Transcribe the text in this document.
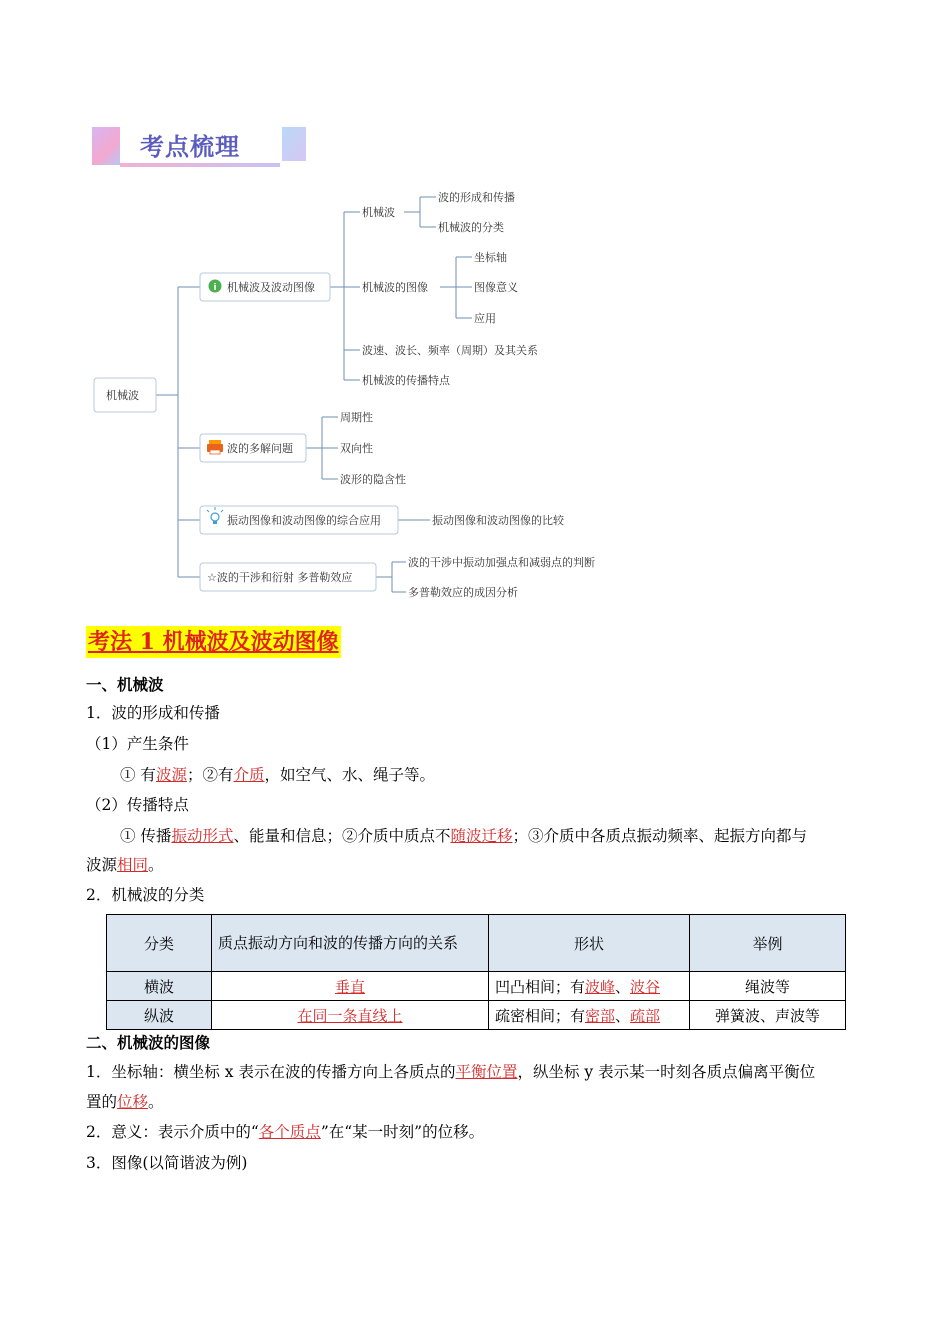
考点梳理
机械波
i 机械波及波动图像
机械波
波的形成和传播
机械波的分类
机械波的图像
坐标轴
图像意义
应用
波速、波长、频率（周期）及其关系
机械波的传播特点
波的多解问题
周期性
双向性
波形的隐含性
振动图像和波动图像的综合应用	振动图像和波动图像的比较
☆波的干涉和衍射 多普勒效应
波的干涉中振动加强点和减弱点的判断
多普勒效应的成因分析
考法 1 机械波及波动图像
一、机械波
1．波的形成和传播
（1）产生条件
① 有波源；②有介质，如空气、水、绳子等。
（2）传播特点
① 传播振动形式、能量和信息；②介质中质点不随波迁移；③介质中各质点振动频率、起振方向都与
波源相同。
2．机械波的分类
分类	质点振动方向和波的传播方向的关系	形状	举例
横波	垂直	凹凸相间；有波峰、波谷	绳波等
纵波	在同一条直线上	疏密相间；有密部、疏部	弹簧波、声波等
二、机械波的图像
1．坐标轴：横坐标 x 表示在波的传播方向上各质点的平衡位置，纵坐标 y 表示某一时刻各质点偏离平衡位
置的位移。
2．意义：表示介质中的“各个质点”在“某一时刻”的位移。
3．图像(以简谐波为例)
